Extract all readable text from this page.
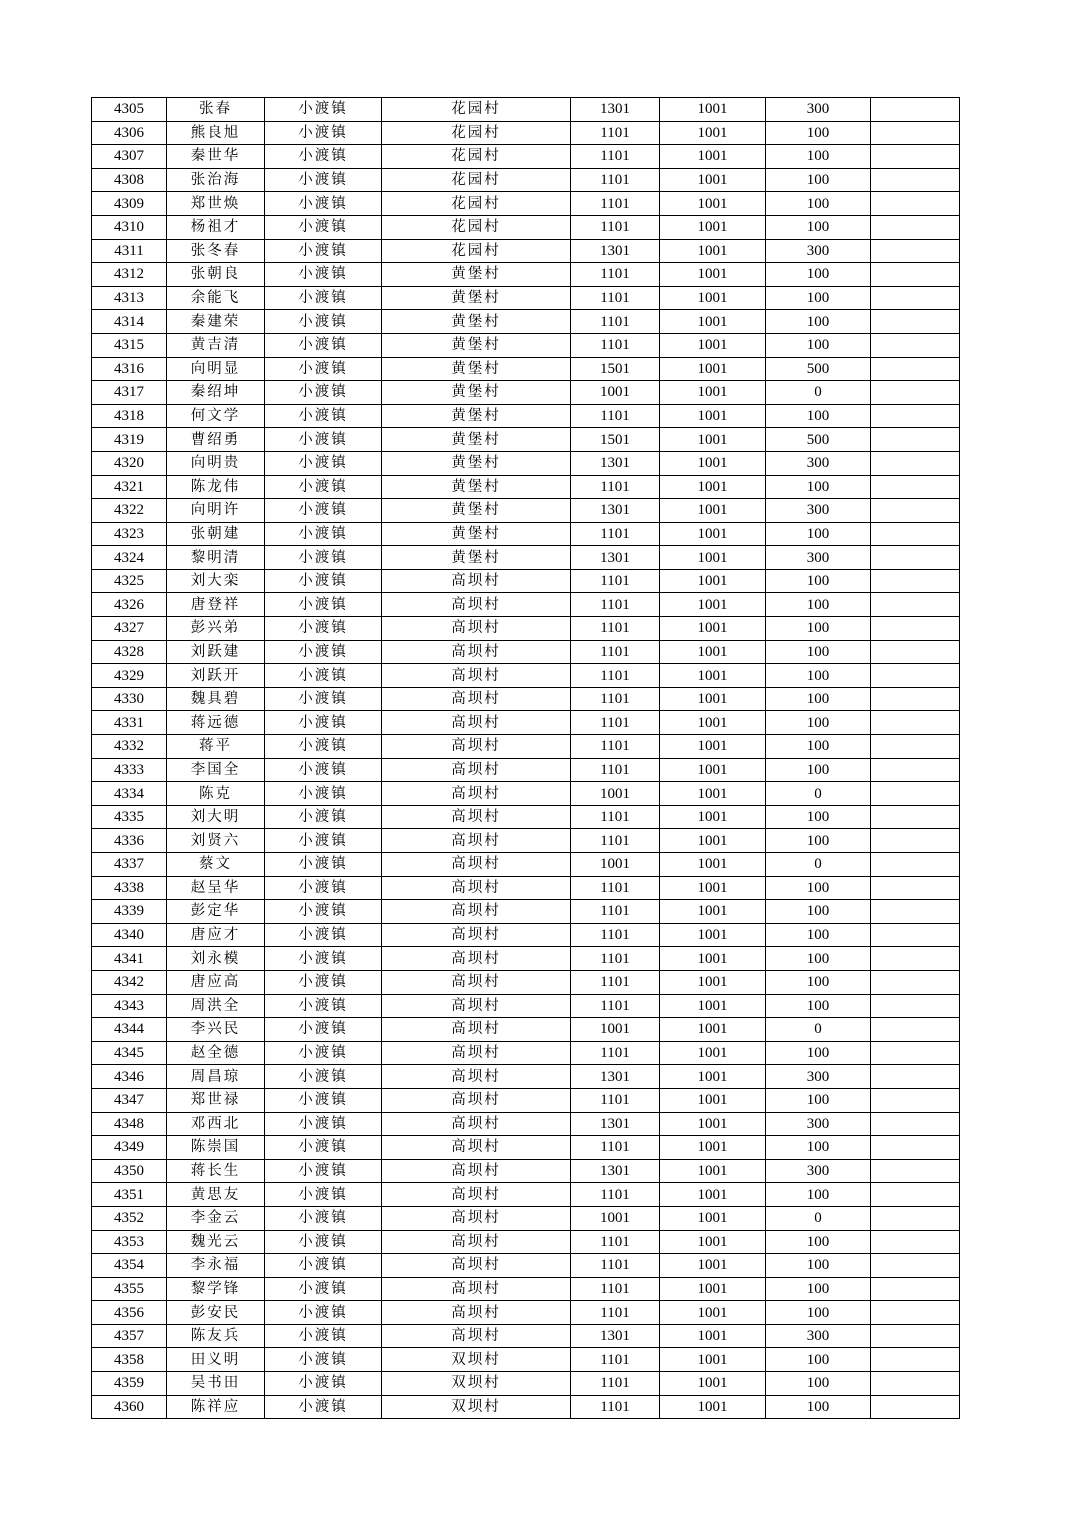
4305	张春	小渡镇	花园村	1301	1001	300	
4306	熊良旭	小渡镇	花园村	1101	1001	100	
4307	秦世华	小渡镇	花园村	1101	1001	100	
4308	张治海	小渡镇	花园村	1101	1001	100	
4309	郑世焕	小渡镇	花园村	1101	1001	100	
4310	杨祖才	小渡镇	花园村	1101	1001	100	
4311	张冬春	小渡镇	花园村	1301	1001	300	
4312	张朝良	小渡镇	黄堡村	1101	1001	100	
4313	余能飞	小渡镇	黄堡村	1101	1001	100	
4314	秦建荣	小渡镇	黄堡村	1101	1001	100	
4315	黄吉清	小渡镇	黄堡村	1101	1001	100	
4316	向明显	小渡镇	黄堡村	1501	1001	500	
4317	秦绍坤	小渡镇	黄堡村	1001	1001	0	
4318	何文学	小渡镇	黄堡村	1101	1001	100	
4319	曹绍勇	小渡镇	黄堡村	1501	1001	500	
4320	向明贵	小渡镇	黄堡村	1301	1001	300	
4321	陈龙伟	小渡镇	黄堡村	1101	1001	100	
4322	向明许	小渡镇	黄堡村	1301	1001	300	
4323	张朝建	小渡镇	黄堡村	1101	1001	100	
4324	黎明清	小渡镇	黄堡村	1301	1001	300	
4325	刘大栾	小渡镇	高坝村	1101	1001	100	
4326	唐登祥	小渡镇	高坝村	1101	1001	100	
4327	彭兴弟	小渡镇	高坝村	1101	1001	100	
4328	刘跃建	小渡镇	高坝村	1101	1001	100	
4329	刘跃开	小渡镇	高坝村	1101	1001	100	
4330	魏具碧	小渡镇	高坝村	1101	1001	100	
4331	蒋远德	小渡镇	高坝村	1101	1001	100	
4332	蒋平	小渡镇	高坝村	1101	1001	100	
4333	李国全	小渡镇	高坝村	1101	1001	100	
4334	陈克	小渡镇	高坝村	1001	1001	0	
4335	刘大明	小渡镇	高坝村	1101	1001	100	
4336	刘贤六	小渡镇	高坝村	1101	1001	100	
4337	蔡文	小渡镇	高坝村	1001	1001	0	
4338	赵呈华	小渡镇	高坝村	1101	1001	100	
4339	彭定华	小渡镇	高坝村	1101	1001	100	
4340	唐应才	小渡镇	高坝村	1101	1001	100	
4341	刘永模	小渡镇	高坝村	1101	1001	100	
4342	唐应高	小渡镇	高坝村	1101	1001	100	
4343	周洪全	小渡镇	高坝村	1101	1001	100	
4344	李兴民	小渡镇	高坝村	1001	1001	0	
4345	赵全德	小渡镇	高坝村	1101	1001	100	
4346	周昌琼	小渡镇	高坝村	1301	1001	300	
4347	郑世禄	小渡镇	高坝村	1101	1001	100	
4348	邓西北	小渡镇	高坝村	1301	1001	300	
4349	陈崇国	小渡镇	高坝村	1101	1001	100	
4350	蒋长生	小渡镇	高坝村	1301	1001	300	
4351	黄思友	小渡镇	高坝村	1101	1001	100	
4352	李金云	小渡镇	高坝村	1001	1001	0	
4353	魏光云	小渡镇	高坝村	1101	1001	100	
4354	李永福	小渡镇	高坝村	1101	1001	100	
4355	黎学锋	小渡镇	高坝村	1101	1001	100	
4356	彭安民	小渡镇	高坝村	1101	1001	100	
4357	陈友兵	小渡镇	高坝村	1301	1001	300	
4358	田义明	小渡镇	双坝村	1101	1001	100	
4359	吴书田	小渡镇	双坝村	1101	1001	100	
4360	陈祥应	小渡镇	双坝村	1101	1001	100	
